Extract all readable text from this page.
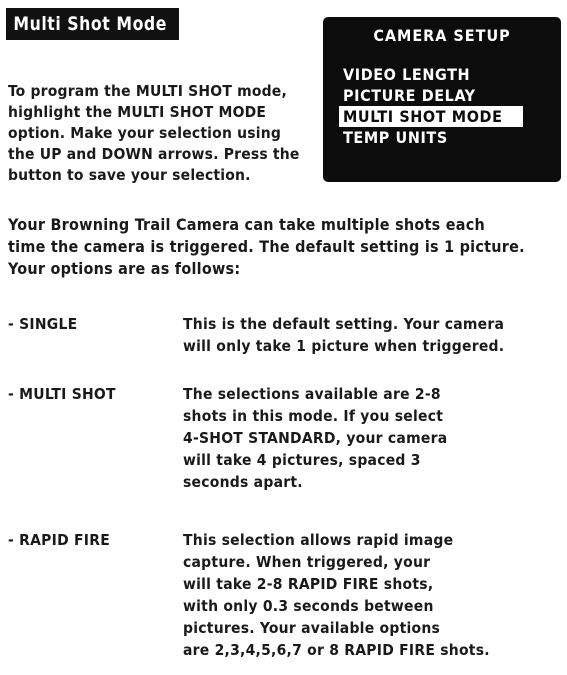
Multi Shot Mode

To program the MULTI SHOT mode,
highlight the MULTI SHOT MODE
option. Make your selection using
the UP and DOWN arrows. Press the
button to save your selection.

CAMERA SETUP
VIDEO LENGTH
PICTURE DELAY
MULTI SHOT MODE
TEMP UNITS
Your Browning Trail Camera can take multiple shots each
time the camera is triggered. The default setting is 1 picture.
Your options are as follows:
- SINGLE	This is the default setting. Your camera
will only take 1 picture when triggered.
- MULTI SHOT	The selections available are 2-8
shots in this mode. If you select
4-SHOT STANDARD, your camera
will take 4 pictures, spaced 3
seconds apart.
- RAPID FIRE	This selection allows rapid image
capture. When triggered, your
will take 2-8 RAPID FIRE shots,
with only 0.3 seconds between
pictures. Your available options
are 2,3,4,5,6,7 or 8 RAPID FIRE shots.
